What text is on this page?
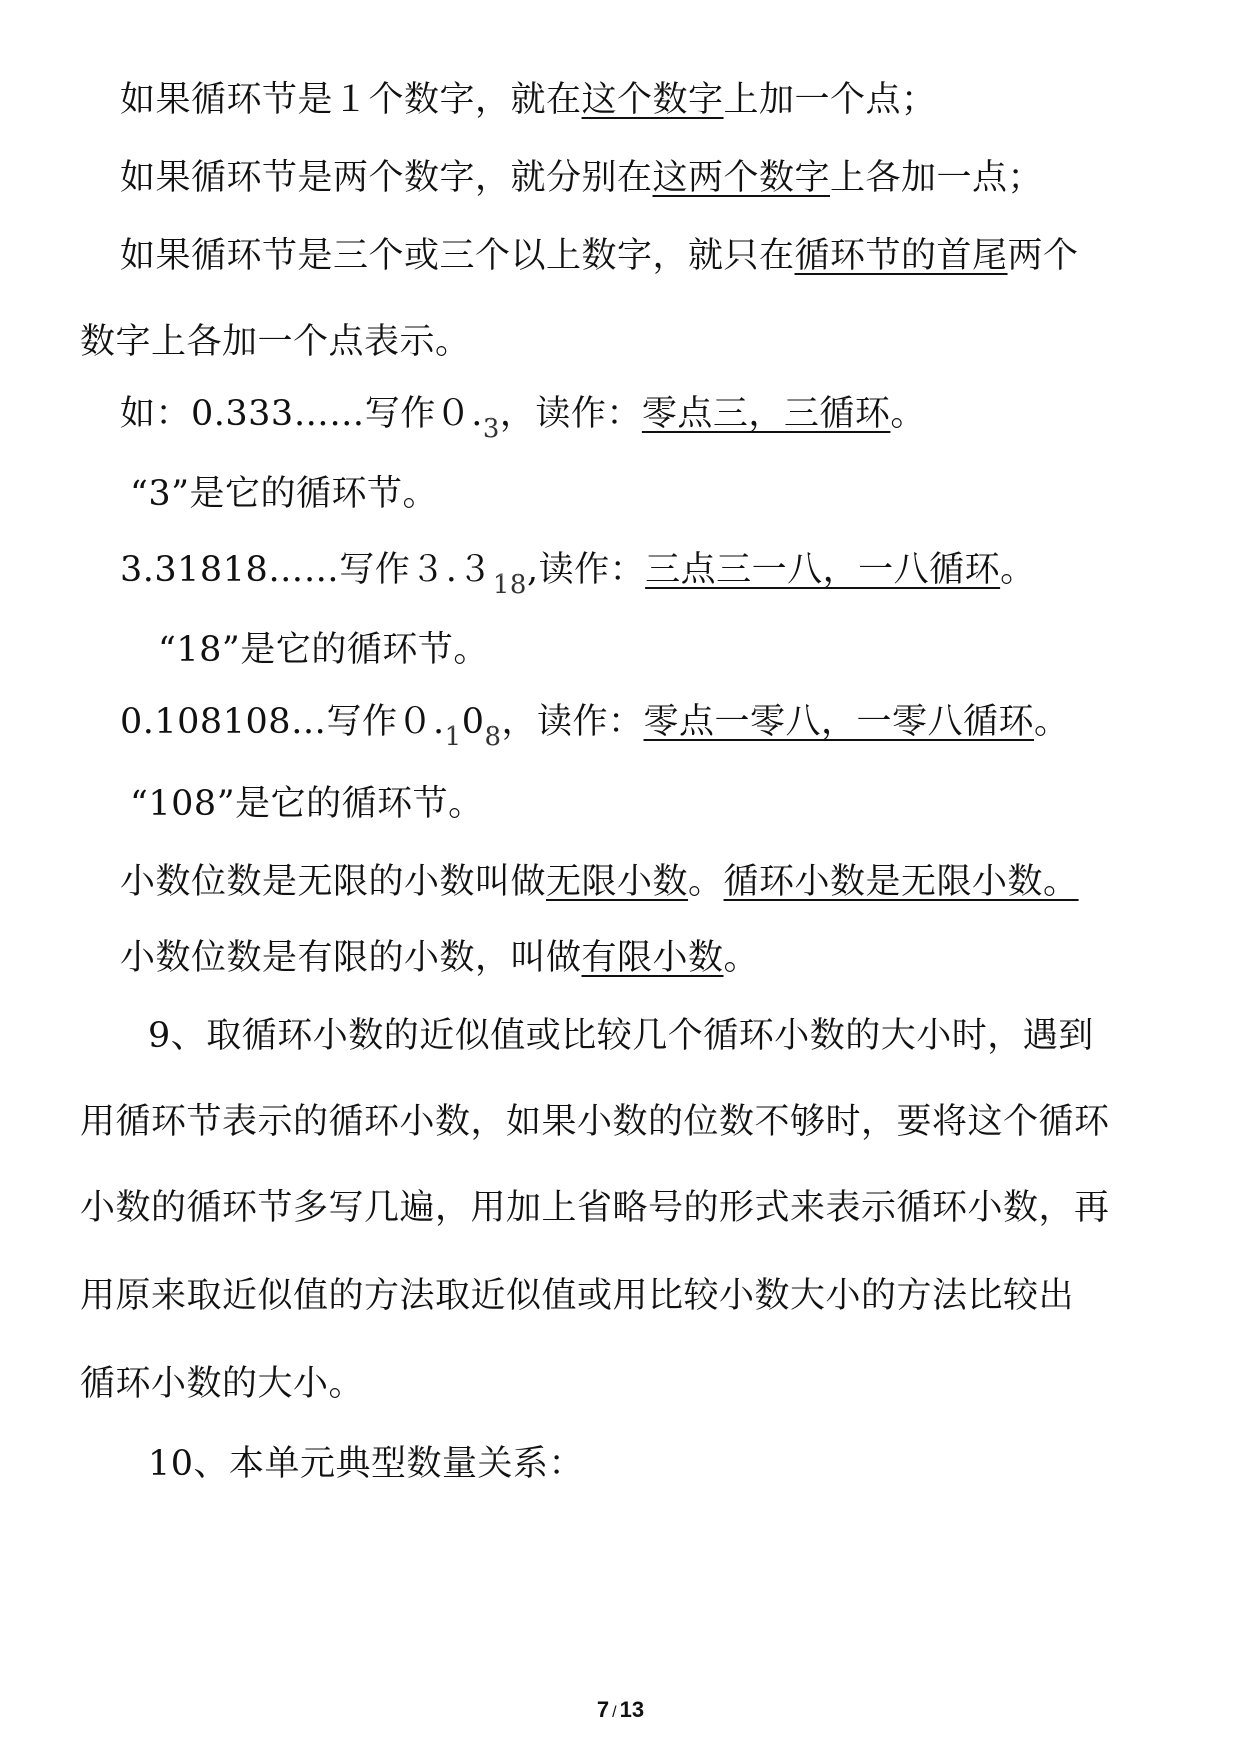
如果循环节是１个数字，就在这个数字上加一个点；
如果循环节是两个数字，就分别在这两个数字上各加一点；
如果循环节是三个或三个以上数字，就只在循环节的首尾两个
数字上各加一个点表示。
如：0.333……写作０.· $_3$，读作：零点三，三循环。
“3”是它的循环节。
3.31818……写作３.３· $_1$· $_8$,读作：三点三一八，一八循环。
“18”是它的循环节。
0.108108…写作０.· $_1$0· $_8$，读作：零点一零八，一零八循环。
“108”是它的循环节。
小数位数是无限的小数叫做无限小数。循环小数是无限小数。
小数位数是有限的小数，叫做有限小数。
9、取循环小数的近似值或比较几个循环小数的大小时，遇到
用循环节表示的循环小数，如果小数的位数不够时，要将这个循环
小数的循环节多写几遍，用加上省略号的形式来表示循环小数，再
用原来取近似值的方法取近似值或用比较小数大小的方法比较出
循环小数的大小。
10、本单元典型数量关系：
7 / 13
